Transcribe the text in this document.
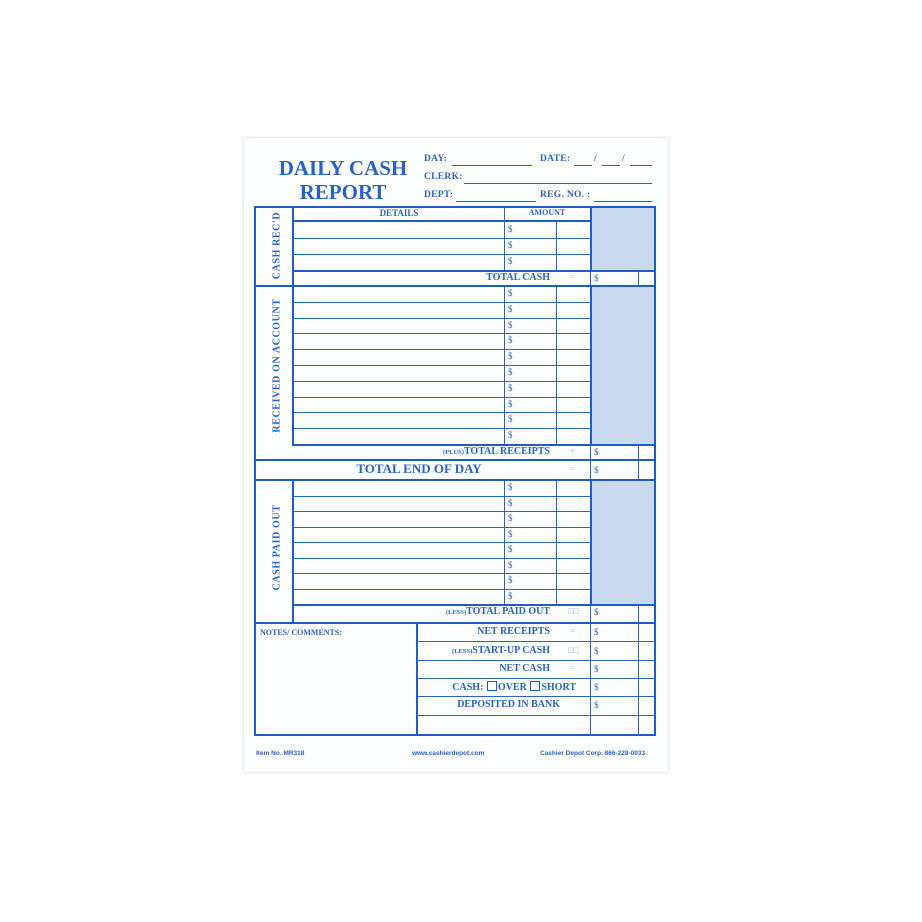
DAILY CASH
REPORT
DAY:	DATE: /	/
CLERK:
DEPT:	REG. NO. :
CASH REC'D
RECEIVED ON ACCOUNT
CASH PAID OUT
DETAILS	AMOUNT
$
$
$
TOTAL CASH = $
$
$
$
$
$
$
$
$
$
$
(PLUS)TOTAL RECEIPTS + $
TOTAL END OF DAY	= $
$
$
$
$
$
$
$
$
(LESS)TOTAL PAID OUT □□ $
NOTES/ COMMENTS:	NET RECEIPTS = $
(LESS)START-UP CASH □□ $
NET CASH = $
CASH: OVER SHORT $
DEPOSITED IN BANK	$
Item No. MR318	www.cashierdepot.com	Cashier Depot Corp. 866-228-0033
